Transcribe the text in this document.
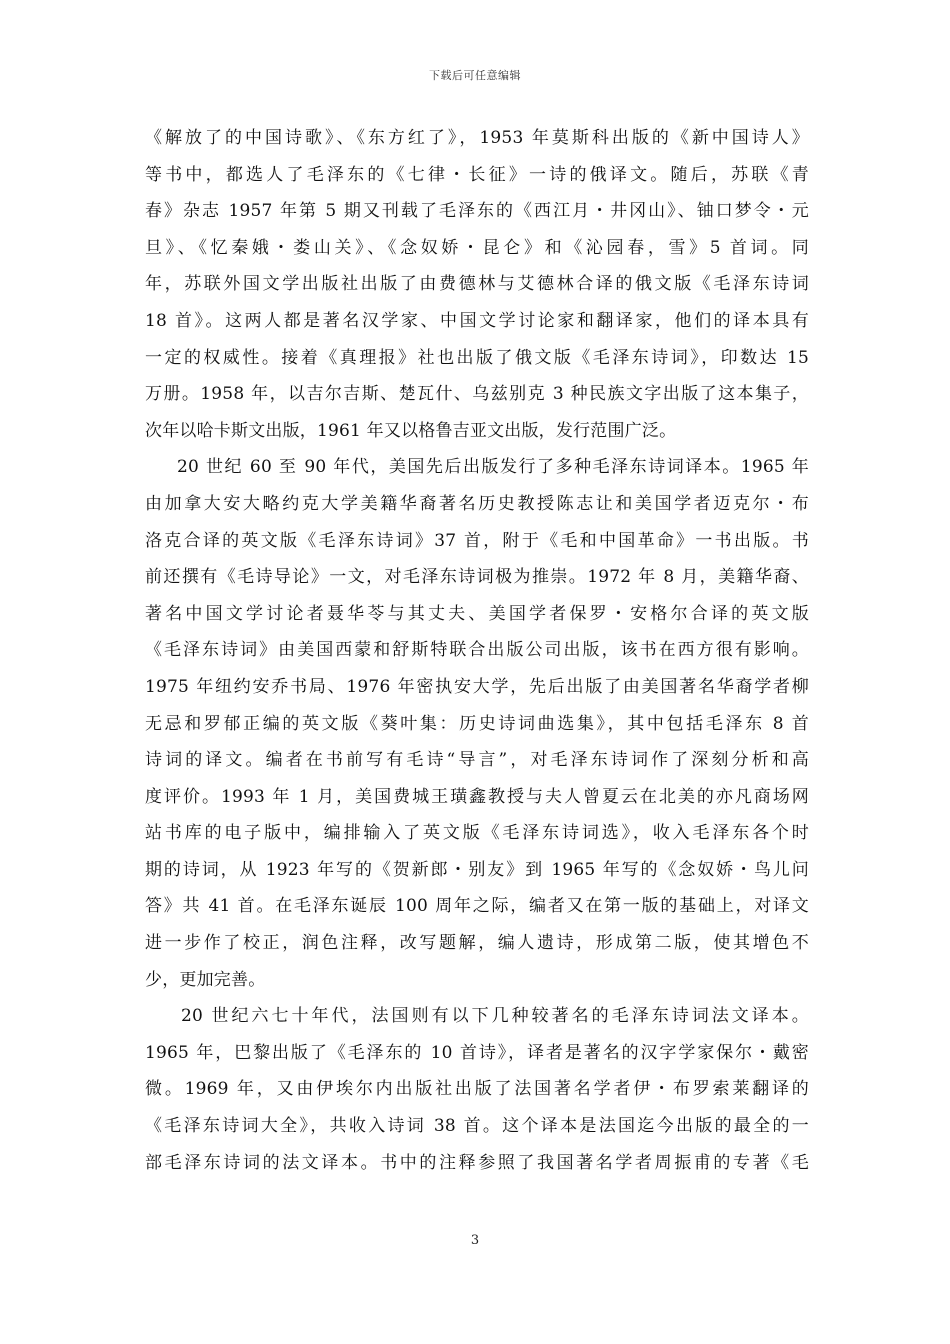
下载后可任意编辑
《解放了的中国诗歌》、《东方红了》，1953 年莫斯科出版的《新中国诗人》
等书中，都选人了毛泽东的《七律・长征》一诗的俄译文。随后，苏联《青
春》杂志 1957 年第 5 期又刊载了毛泽东的《西江月・井冈山》、铀口梦令・元
旦》、《忆秦娥・娄山关》、《念奴娇・昆仑》和《沁园春，雪》5 首词。同
年，苏联外国文学出版社出版了由费德林与艾德林合译的俄文版《毛泽东诗词
18 首》。这两人都是著名汉学家、中国文学讨论家和翻译家，他们的译本具有
一定的权威性。接着《真理报》社也出版了俄文版《毛泽东诗词》，印数达 15
万册。1958 年，以吉尔吉斯、楚瓦什、乌兹别克 3 种民族文字出版了这本集子，
次年以哈卡斯文出版，1961 年又以格鲁吉亚文出版，发行范围广泛。
20 世纪 60 至 90 年代，美国先后出版发行了多种毛泽东诗词译本。1965 年
由加拿大安大略约克大学美籍华裔著名历史教授陈志让和美国学者迈克尔・布
洛克合译的英文版《毛泽东诗词》37 首，附于《毛和中国革命》一书出版。书
前还撰有《毛诗导论》一文，对毛泽东诗词极为推崇。1972 年 8 月，美籍华裔、
著名中国文学讨论者聂华苓与其丈夫、美国学者保罗・安格尔合译的英文版
《毛泽东诗词》由美国西蒙和舒斯特联合出版公司出版，该书在西方很有影响。
1975 年纽约安乔书局、1976 年密执安大学，先后出版了由美国著名华裔学者柳
无忌和罗郁正编的英文版《葵叶集：历史诗词曲选集》，其中包括毛泽东 8 首
诗词的译文。编者在书前写有毛诗“导言”，对毛泽东诗词作了深刻分析和高
度评价。1993 年 1 月，美国费城王璜鑫教授与夫人曾夏云在北美的亦凡商场网
站书库的电子版中，编排输入了英文版《毛泽东诗词选》，收入毛泽东各个时
期的诗词，从 1923 年写的《贺新郎・别友》到 1965 年写的《念奴娇・鸟儿问
答》共 41 首。在毛泽东诞辰 100 周年之际，编者又在第一版的基础上，对译文
进一步作了校正，润色注释，改写题解，编人遗诗，形成第二版，使其增色不
少，更加完善。
20 世纪六七十年代，法国则有以下几种较著名的毛泽东诗词法文译本。
1965 年，巴黎出版了《毛泽东的 10 首诗》，译者是著名的汉字学家保尔・戴密
微。1969 年，又由伊埃尔内出版社出版了法国著名学者伊・布罗索莱翻译的
《毛泽东诗词大全》，共收入诗词 38 首。这个译本是法国迄今出版的最全的一
部毛泽东诗词的法文译本。书中的注释参照了我国著名学者周振甫的专著《毛
3
